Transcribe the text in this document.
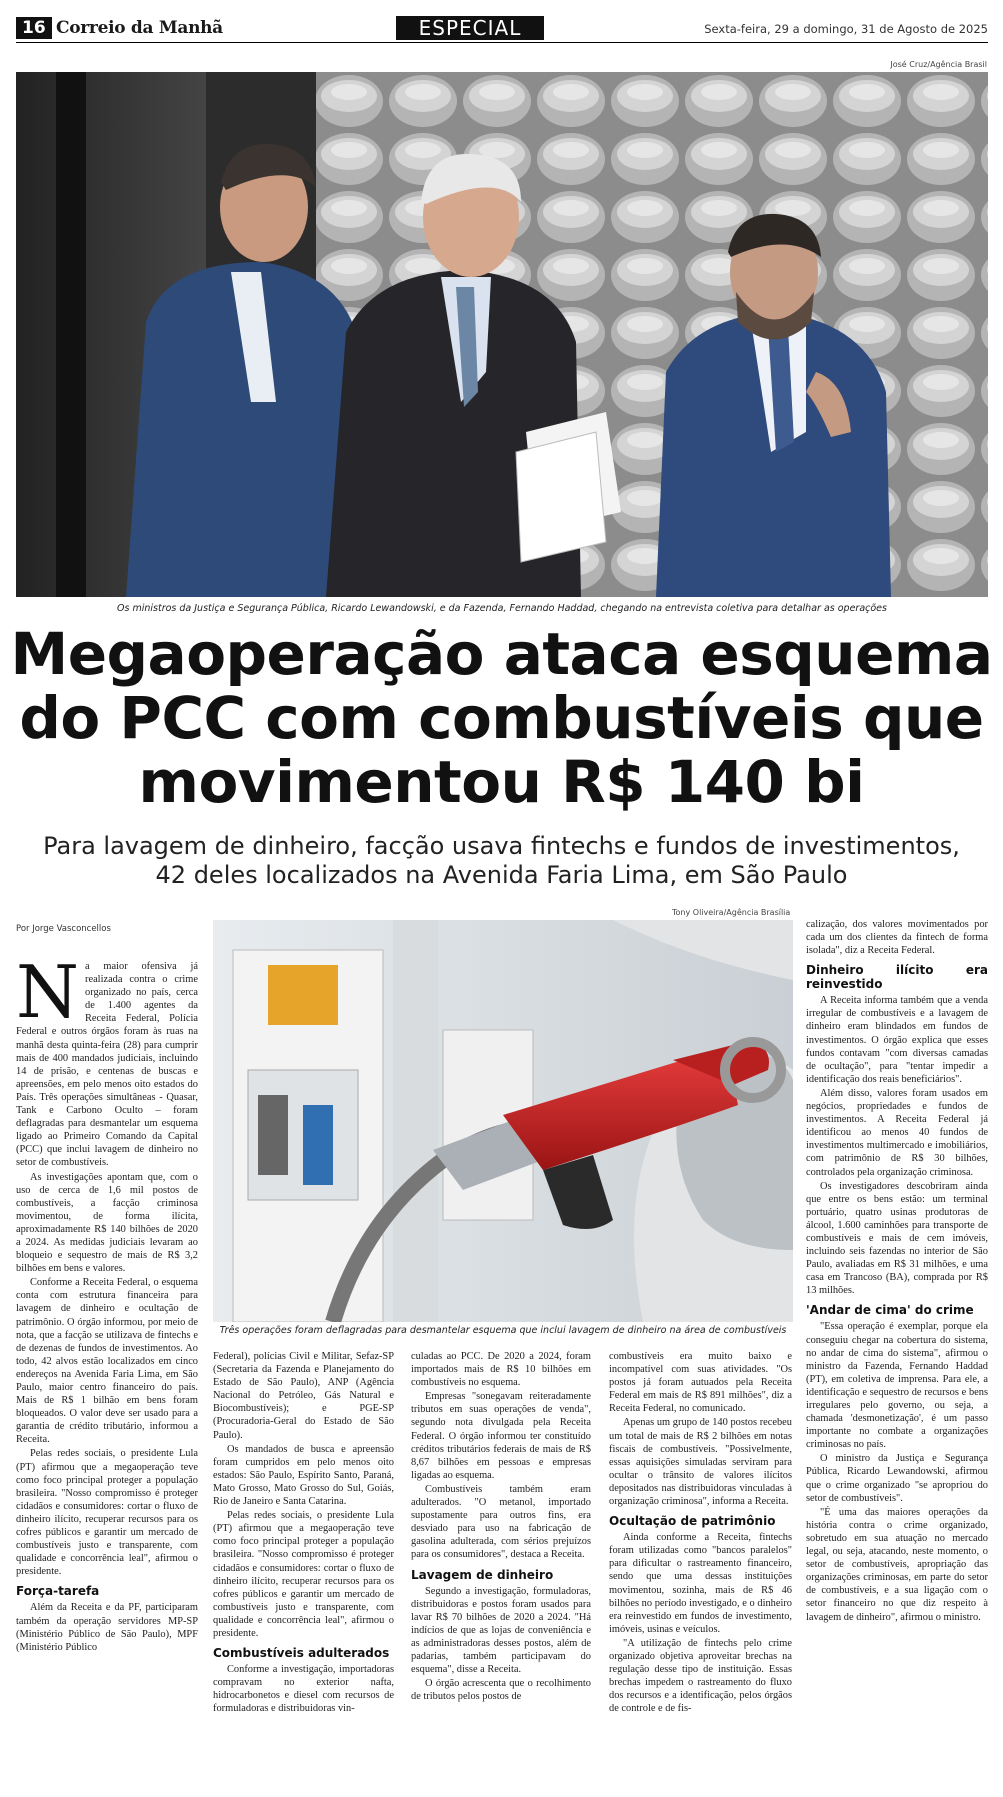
16 Correio da Manhã	ESPECIAL	Sexta-feira, 29 a domingo, 31 de Agosto de 2025
José Cruz/Agência Brasil
Os ministros da Justiça e Segurança Pública, Ricardo Lewandowski, e da Fazenda, Fernando Haddad, chegando na entrevista coletiva para detalhar as operações
Megaoperação ataca esquema
do PCC com combustíveis que
movimentou R$ 140 bi
Para lavagem de dinheiro, facção usava fintechs e fundos de investimentos,
42 deles localizados na Avenida Faria Lima, em São Paulo
Por Jorge Vasconcellos
Tony Oliveira/Agência Brasília
Três operações foram deflagradas para desmantelar esquema que inclui lavagem de dinheiro na área de combustíveis
N a maior ofensiva já realizada contra o crime organizado no país, cerca de 1.400 agentes da Receita Federal, Polícia Federal e outros órgãos foram às ruas na manhã desta quinta-feira (28) para cumprir mais de 400 mandados judiciais, incluindo 14 de prisão, e centenas de buscas e apreensões, em pelo menos oito estados do País. Três operações simultâneas - Quasar, Tank e Carbono Oculto – foram deflagradas para desmantelar um esquema ligado ao Primeiro Comando da Capital (PCC) que inclui lavagem de dinheiro no setor de combustíveis.

As investigações apontam que, com o uso de cerca de 1,6 mil postos de combustíveis, a facção criminosa movimentou, de forma ilícita, aproximadamente R$ 140 bilhões de 2020 a 2024. As medidas judiciais levaram ao bloqueio e sequestro de mais de R$ 3,2 bilhões em bens e valores.

Conforme a Receita Federal, o esquema conta com estrutura financeira para lavagem de dinheiro e ocultação de patrimônio. O órgão informou, por meio de nota, que a facção se utilizava de fintechs e de dezenas de fundos de investimentos. Ao todo, 42 alvos estão localizados em cinco endereços na Avenida Faria Lima, em São Paulo, maior centro financeiro do país. Mais de R$ 1 bilhão em bens foram bloqueados. O valor deve ser usado para a garantia de crédito tributário, informou a Receita.

Pelas redes sociais, o presidente Lula (PT) afirmou que a megaoperação teve como foco principal proteger a população brasileira. "Nosso compromisso é proteger cidadãos e consumidores: cortar o fluxo de dinheiro ilícito, recuperar recursos para os cofres públicos e garantir um mercado de combustíveis justo e transparente, com qualidade e concorrência leal", afirmou o presidente.

Força-tarefa

Além da Receita e da PF, participaram também da operação servidores MP-SP (Ministério Público de São Paulo), MPF (Ministério Público

Federal), polícias Civil e Militar, Sefaz-SP (Secretaria da Fazenda e Planejamento do Estado de São Paulo), ANP (Agência Nacional do Petróleo, Gás Natural e Biocombustíveis); e PGE-SP (Procuradoria-Geral do Estado de São Paulo).

Os mandados de busca e apreensão foram cumpridos em pelo menos oito estados: São Paulo, Espírito Santo, Paraná, Mato Grosso, Mato Grosso do Sul, Goiás, Rio de Janeiro e Santa Catarina.

Pelas redes sociais, o presidente Lula (PT) afirmou que a megaoperação teve como foco principal proteger a população brasileira. "Nosso compromisso é proteger cidadãos e consumidores: cortar o fluxo de dinheiro ilícito, recuperar recursos para os cofres públicos e garantir um mercado de combustíveis justo e transparente, com qualidade e concorrência leal", afirmou o presidente.

Combustíveis adulterados

Conforme a investigação, importadoras compravam no exterior nafta, hidrocarbonetos e diesel com recursos de formuladoras e distribuidoras vin-

culadas ao PCC. De 2020 a 2024, foram importados mais de R$ 10 bilhões em combustíveis no esquema.

Empresas "sonegavam reiteradamente tributos em suas operações de venda", segundo nota divulgada pela Receita Federal. O órgão informou ter constituído créditos tributários federais de mais de R$ 8,67 bilhões em pessoas e empresas ligadas ao esquema.

Combustíveis também eram adulterados. "O metanol, importado supostamente para outros fins, era desviado para uso na fabricação de gasolina adulterada, com sérios prejuízos para os consumidores", destaca a Receita.

Lavagem de dinheiro

Segundo a investigação, formuladoras, distribuidoras e postos foram usados para lavar R$ 70 bilhões de 2020 a 2024. "Há indícios de que as lojas de conveniência e as administradoras desses postos, além de padarias, também participavam do esquema", disse a Receita.

O órgão acrescenta que o recolhimento de tributos pelos postos de

combustíveis era muito baixo e incompatível com suas atividades. "Os postos já foram autuados pela Receita Federal em mais de R$ 891 milhões", diz a Receita Federal, no comunicado.

Apenas um grupo de 140 postos recebeu um total de mais de R$ 2 bilhões em notas fiscais de combustíveis. "Possivelmente, essas aquisições simuladas serviram para ocultar o trânsito de valores ilícitos depositados nas distribuidoras vinculadas à organização criminosa", informa a Receita.

Ocultação de patrimônio

Ainda conforme a Receita, fintechs foram utilizadas como "bancos paralelos" para dificultar o rastreamento financeiro, sendo que uma dessas instituições movimentou, sozinha, mais de R$ 46 bilhões no período investigado, e o dinheiro era reinvestido em fundos de investimento, imóveis, usinas e veículos.

"A utilização de fintechs pelo crime organizado objetiva aproveitar brechas na regulação desse tipo de instituição. Essas brechas impedem o rastreamento do fluxo dos recursos e a identificação, pelos órgãos de controle e de fis-

calização, dos valores movimentados por cada um dos clientes da fintech de forma isolada", diz a Receita Federal.

Dinheiro ilícito era reinvestido

A Receita informa também que a venda irregular de combustíveis e a lavagem de dinheiro eram blindados em fundos de investimentos. O órgão explica que esses fundos contavam "com diversas camadas de ocultação", para "tentar impedir a identificação dos reais beneficiários".

Além disso, valores foram usados em negócios, propriedades e fundos de investimentos. A Receita Federal já identificou ao menos 40 fundos de investimentos multimercado e imobiliários, com patrimônio de R$ 30 bilhões, controlados pela organização criminosa.

Os investigadores descobriram ainda que entre os bens estão: um terminal portuário, quatro usinas produtoras de álcool, 1.600 caminhões para transporte de combustíveis e mais de cem imóveis, incluindo seis fazendas no interior de São Paulo, avaliadas em R$ 31 milhões, e uma casa em Trancoso (BA), comprada por R$ 13 milhões.

'Andar de cima' do crime

"Essa operação é exemplar, porque ela conseguiu chegar na cobertura do sistema, no andar de cima do sistema", afirmou o ministro da Fazenda, Fernando Haddad (PT), em coletiva de imprensa. Para ele, a identificação e sequestro de recursos e bens irregulares pelo governo, ou seja, a chamada 'desmonetização', é um passo importante no combate a organizações criminosas no país.

O ministro da Justiça e Segurança Pública, Ricardo Lewandowski, afirmou que o crime organizado "se apropriou do setor de combustíveis".

"É uma das maiores operações da história contra o crime organizado, sobretudo em sua atuação no mercado legal, ou seja, atacando, neste momento, o setor de combustíveis, apropriação das organizações criminosas, em parte do setor de combustíveis, e a sua ligação com o setor financeiro no que diz respeito à lavagem de dinheiro", afirmou o ministro.
